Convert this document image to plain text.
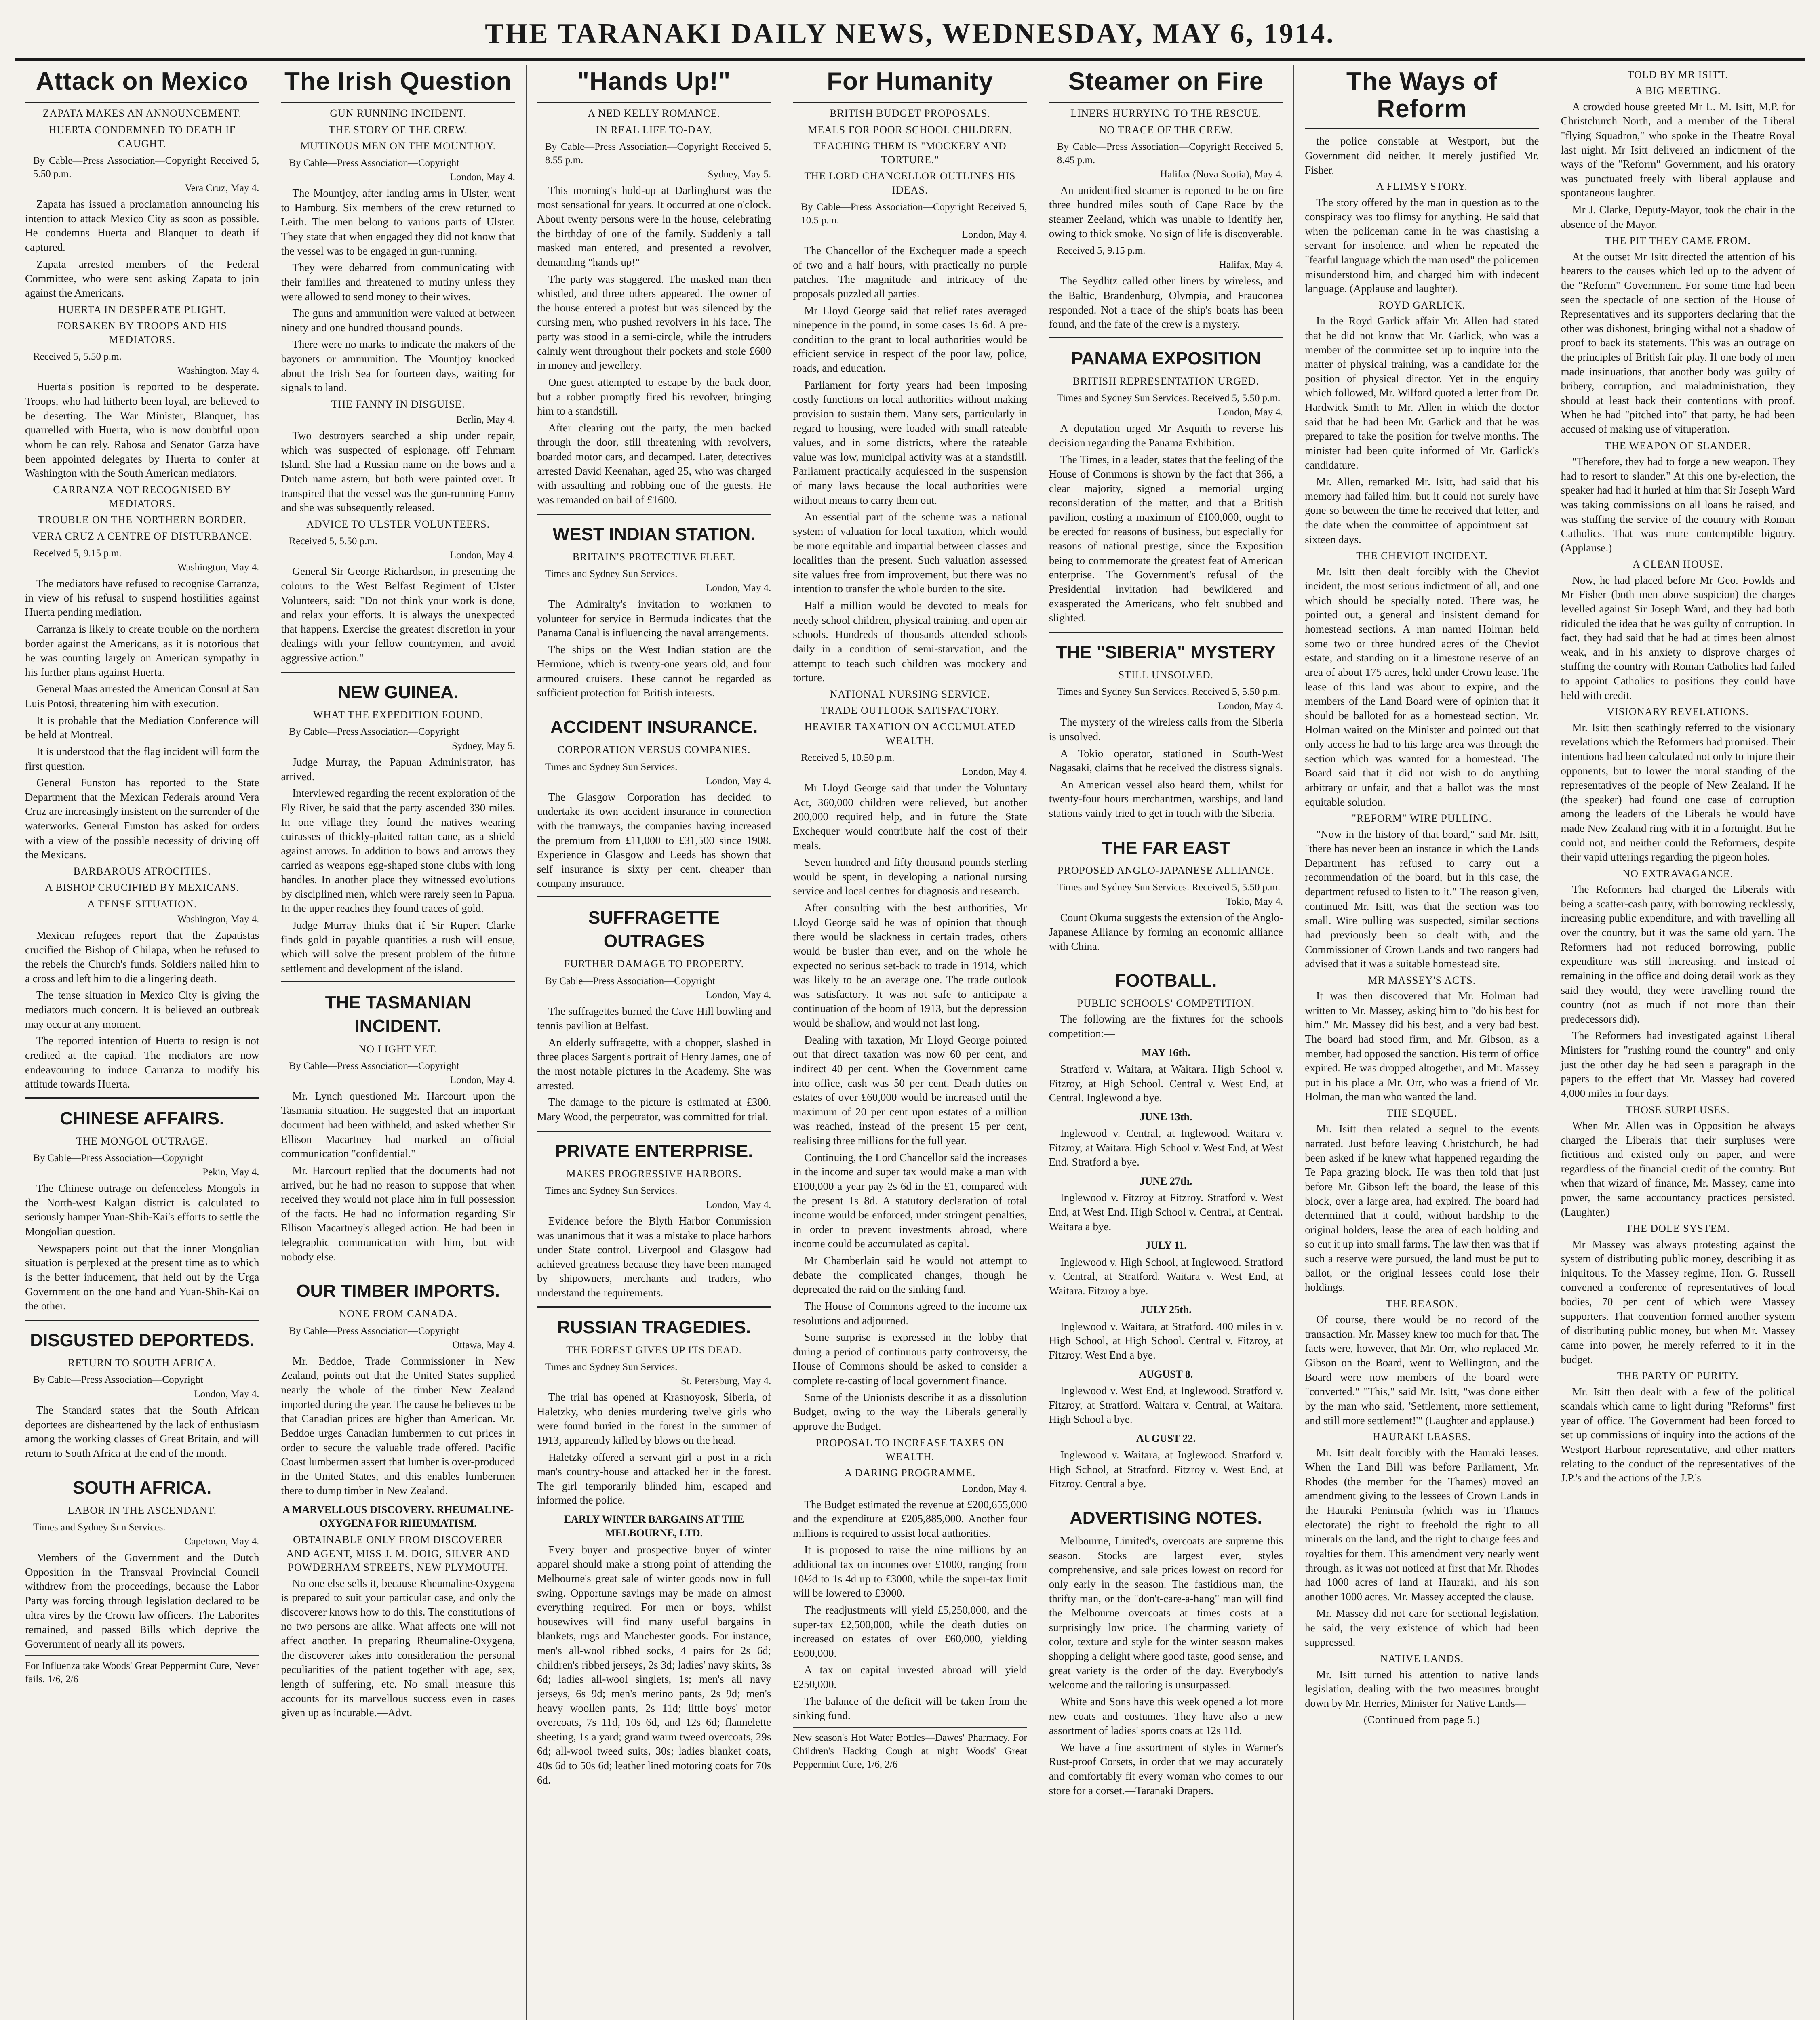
THE TARANAKI DAILY NEWS, WEDNESDAY, MAY 6, 1914.
Attack on Mexico
ZAPATA MAKES AN ANNOUNCEMENT.
HUERTA CONDEMNED TO DEATH IF CAUGHT.
By Cable—Press Association—Copyright Received 5, 5.50 p.m.
Vera Cruz, May 4.

Zapata has issued a proclamation announcing his intention to attack Mexico City as soon as possible. He condemns Huerta and Blanquet to death if captured.

Zapata arrested members of the Federal Committee, who were sent asking Zapata to join against the Americans.

HUERTA IN DESPERATE PLIGHT.
FORSAKEN BY TROOPS AND HIS MEDIATORS.
Received 5, 5.50 p.m.
Washington, May 4.

Huerta's position is reported to be desperate. Troops, who had hitherto been loyal, are believed to be deserting. The War Minister, Blanquet, has quarrelled with Huerta, who is now doubtful upon whom he can rely. Rabosa and Senator Garza have been appointed delegates by Huerta to confer at Washington with the South American mediators.

CARRANZA NOT RECOGNISED BY MEDIATORS.
TROUBLE ON THE NORTHERN BORDER.
VERA CRUZ A CENTRE OF DISTURBANCE.
Received 5, 9.15 p.m.
Washington, May 4.

The mediators have refused to recognise Carranza, in view of his refusal to suspend hostilities against Huerta pending mediation.

Carranza is likely to create trouble on the northern border against the Americans, as it is notorious that he was counting largely on American sympathy in his further plans against Huerta.

General Maas arrested the American Consul at San Luis Potosi, threatening him with execution.

It is probable that the Mediation Conference will be held at Montreal.

It is understood that the flag incident will form the first question.

General Funston has reported to the State Department that the Mexican Federals around Vera Cruz are increasingly insistent on the surrender of the waterworks. General Funston has asked for orders with a view of the possible necessity of driving off the Mexicans.

BARBAROUS ATROCITIES.
A BISHOP CRUCIFIED BY MEXICANS.
A TENSE SITUATION.
Washington, May 4.

Mexican refugees report that the Zapatistas crucified the Bishop of Chilapa, when he refused to the rebels the Church's funds. Soldiers nailed him to a cross and left him to die a lingering death.

The tense situation in Mexico City is giving the mediators much concern. It is believed an outbreak may occur at any moment.

The reported intention of Huerta to resign is not credited at the capital. The mediators are now endeavouring to induce Carranza to modify his attitude towards Huerta.

CHINESE AFFAIRS.
THE MONGOL OUTRAGE.
By Cable—Press Association—Copyright
Pekin, May 4.

The Chinese outrage on defenceless Mongols in the North-west Kalgan district is calculated to seriously hamper Yuan-Shih-Kai's efforts to settle the Mongolian question.

Newspapers point out that the inner Mongolian situation is perplexed at the present time as to which is the better inducement, that held out by the Urga Government on the one hand and Yuan-Shih-Kai on the other.

DISGUSTED DEPORTEDS.
RETURN TO SOUTH AFRICA.
By Cable—Press Association—Copyright
London, May 4.

The Standard states that the South African deportees are disheartened by the lack of enthusiasm among the working classes of Great Britain, and will return to South Africa at the end of the month.

SOUTH AFRICA.
LABOR IN THE ASCENDANT.
Times and Sydney Sun Services.
Capetown, May 4.

Members of the Government and the Dutch Opposition in the Transvaal Provincial Council withdrew from the proceedings, because the Labor Party was forcing through legislation declared to be ultra vires by the Crown law officers. The Laborites remained, and passed Bills which deprive the Government of nearly all its powers.

For Influenza take Woods' Great Peppermint Cure, Never fails. 1/6, 2/6
The Irish Question
GUN RUNNING INCIDENT.
THE STORY OF THE CREW.
MUTINOUS MEN ON THE MOUNTJOY.
By Cable—Press Association—Copyright
London, May 4.

The Mountjoy, after landing arms in Ulster, went to Hamburg. Six members of the crew returned to Leith. The men belong to various parts of Ulster. They state that when engaged they did not know that the vessel was to be engaged in gun-running.

They were debarred from communicating with their families and threatened to mutiny unless they were allowed to send money to their wives.

The guns and ammunition were valued at between ninety and one hundred thousand pounds.

There were no marks to indicate the makers of the bayonets or ammunition. The Mountjoy knocked about the Irish Sea for fourteen days, waiting for signals to land.

THE FANNY IN DISGUISE.
Berlin, May 4.

Two destroyers searched a ship under repair, which was suspected of espionage, off Fehmarn Island. She had a Russian name on the bows and a Dutch name astern, but both were painted over. It transpired that the vessel was the gun-running Fanny and she was subsequently released.

ADVICE TO ULSTER VOLUNTEERS.
Received 5, 5.50 p.m.
London, May 4.

General Sir George Richardson, in presenting the colours to the West Belfast Regiment of Ulster Volunteers, said: "Do not think your work is done, and relax your efforts. It is always the unexpected that happens. Exercise the greatest discretion in your dealings with your fellow countrymen, and avoid aggressive action."

NEW GUINEA.
WHAT THE EXPEDITION FOUND.
By Cable—Press Association—Copyright
Sydney, May 5.

Judge Murray, the Papuan Administrator, has arrived.

Interviewed regarding the recent exploration of the Fly River, he said that the party ascended 330 miles. In one village they found the natives wearing cuirasses of thickly-plaited rattan cane, as a shield against arrows. In addition to bows and arrows they carried as weapons egg-shaped stone clubs with long handles. In another place they witnessed evolutions by disciplined men, which were rarely seen in Papua. In the upper reaches they found traces of gold.

Judge Murray thinks that if Sir Rupert Clarke finds gold in payable quantities a rush will ensue, which will solve the present problem of the future settlement and development of the island.

THE TASMANIAN INCIDENT.
NO LIGHT YET.
By Cable—Press Association—Copyright
London, May 4.

Mr. Lynch questioned Mr. Harcourt upon the Tasmania situation. He suggested that an important document had been withheld, and asked whether Sir Ellison Macartney had marked an official communication "confidential."

Mr. Harcourt replied that the documents had not arrived, but he had no reason to suppose that when received they would not place him in full possession of the facts. He had no information regarding Sir Ellison Macartney's alleged action. He had been in telegraphic communication with him, but with nobody else.

OUR TIMBER IMPORTS.
NONE FROM CANADA.
By Cable—Press Association—Copyright
Ottawa, May 4.

Mr. Beddoe, Trade Commissioner in New Zealand, points out that the United States supplied nearly the whole of the timber New Zealand imported during the year. The cause he believes to be that Canadian prices are higher than American. Mr. Beddoe urges Canadian lumbermen to cut prices in order to secure the valuable trade offered. Pacific Coast lumbermen assert that lumber is over-produced in the United States, and this enables lumbermen there to dump timber in New Zealand.

A MARVELLOUS DISCOVERY. RHEUMALINE-OXYGENA FOR RHEUMATISM.
OBTAINABLE ONLY FROM DISCOVERER AND AGENT, MISS J. M. DOIG, SILVER AND POWDERHAM STREETS, NEW PLYMOUTH.

No one else sells it, because Rheumaline-Oxygena is prepared to suit your particular case, and only the discoverer knows how to do this. The constitutions of no two persons are alike. What affects one will not affect another. In preparing Rheumaline-Oxygena, the discoverer takes into consideration the personal peculiarities of the patient together with age, sex, length of suffering, etc. No small measure this accounts for its marvellous success even in cases given up as incurable.—Advt.

"Hands Up!"
A NED KELLY ROMANCE.
IN REAL LIFE TO-DAY.
By Cable—Press Association—Copyright Received 5, 8.55 p.m.
Sydney, May 5.

This morning's hold-up at Darlinghurst was the most sensational for years. It occurred at one o'clock. About twenty persons were in the house, celebrating the birthday of one of the family. Suddenly a tall masked man entered, and presented a revolver, demanding "hands up!"

The party was staggered. The masked man then whistled, and three others appeared. The owner of the house entered a protest but was silenced by the cursing men, who pushed revolvers in his face. The party was stood in a semi-circle, while the intruders calmly went throughout their pockets and stole £600 in money and jewellery.

One guest attempted to escape by the back door, but a robber promptly fired his revolver, bringing him to a standstill.

After clearing out the party, the men backed through the door, still threatening with revolvers, boarded motor cars, and decamped. Later, detectives arrested David Keenahan, aged 25, who was charged with assaulting and robbing one of the guests. He was remanded on bail of £1600.

WEST INDIAN STATION.
BRITAIN'S PROTECTIVE FLEET.
Times and Sydney Sun Services.
London, May 4.

The Admiralty's invitation to workmen to volunteer for service in Bermuda indicates that the Panama Canal is influencing the naval arrangements.

The ships on the West Indian station are the Hermione, which is twenty-one years old, and four armoured cruisers. These cannot be regarded as sufficient protection for British interests.

ACCIDENT INSURANCE.
CORPORATION VERSUS COMPANIES.
Times and Sydney Sun Services.
London, May 4.

The Glasgow Corporation has decided to undertake its own accident insurance in connection with the tramways, the companies having increased the premium from £11,000 to £31,500 since 1908. Experience in Glasgow and Leeds has shown that self insurance is sixty per cent. cheaper than company insurance.

SUFFRAGETTE OUTRAGES
FURTHER DAMAGE TO PROPERTY.
By Cable—Press Association—Copyright
London, May 4.

The suffragettes burned the Cave Hill bowling and tennis pavilion at Belfast.

An elderly suffragette, with a chopper, slashed in three places Sargent's portrait of Henry James, one of the most notable pictures in the Academy. She was arrested.

The damage to the picture is estimated at £300. Mary Wood, the perpetrator, was committed for trial.

PRIVATE ENTERPRISE.
MAKES PROGRESSIVE HARBORS.
Times and Sydney Sun Services.
London, May 4.

Evidence before the Blyth Harbor Commission was unanimous that it was a mistake to place harbors under State control. Liverpool and Glasgow had achieved greatness because they have been managed by shipowners, merchants and traders, who understand the requirements.

RUSSIAN TRAGEDIES.
THE FOREST GIVES UP ITS DEAD.
Times and Sydney Sun Services.
St. Petersburg, May 4.

The trial has opened at Krasnoyosk, Siberia, of Haletzky, who denies murdering twelve girls who were found buried in the forest in the summer of 1913, apparently killed by blows on the head.

Haletzky offered a servant girl a post in a rich man's country-house and attacked her in the forest. The girl temporarily blinded him, escaped and informed the police.

EARLY WINTER BARGAINS AT THE MELBOURNE, LTD.

Every buyer and prospective buyer of winter apparel should make a strong point of attending the Melbourne's great sale of winter goods now in full swing. Opportune savings may be made on almost everything required. For men or boys, whilst housewives will find many useful bargains in blankets, rugs and Manchester goods. For instance, men's all-wool ribbed socks, 4 pairs for 2s 6d; children's ribbed jerseys, 2s 3d; ladies' navy skirts, 3s 6d; ladies all-wool singlets, 1s; men's all navy jerseys, 6s 9d; men's merino pants, 2s 9d; men's heavy woollen pants, 2s 11d; little boys' motor overcoats, 7s 11d, 10s 6d, and 12s 6d; flannelette sheeting, 1s a yard; grand warm tweed overcoats, 29s 6d; all-wool tweed suits, 30s; ladies blanket coats, 40s 6d to 50s 6d; leather lined motoring coats for 70s 6d.

For Humanity
BRITISH BUDGET PROPOSALS.
MEALS FOR POOR SCHOOL CHILDREN.
TEACHING THEM IS "MOCKERY AND TORTURE."
THE LORD CHANCELLOR OUTLINES HIS IDEAS.
By Cable—Press Association—Copyright Received 5, 10.5 p.m.
London, May 4.

The Chancellor of the Exchequer made a speech of two and a half hours, with practically no purple patches. The magnitude and intricacy of the proposals puzzled all parties.

Mr Lloyd George said that relief rates averaged ninepence in the pound, in some cases 1s 6d. A pre-condition to the grant to local authorities would be efficient service in respect of the poor law, police, roads, and education.

Parliament for forty years had been imposing costly functions on local authorities without making provision to sustain them. Many sets, particularly in regard to housing, were loaded with small rateable values, and in some districts, where the rateable value was low, municipal activity was at a standstill. Parliament practically acquiesced in the suspension of many laws because the local authorities were without means to carry them out.

An essential part of the scheme was a national system of valuation for local taxation, which would be more equitable and impartial between classes and localities than the present. Such valuation assessed site values free from improvement, but there was no intention to transfer the whole burden to the site.

Half a million would be devoted to meals for needy school children, physical training, and open air schools. Hundreds of thousands attended schools daily in a condition of semi-starvation, and the attempt to teach such children was mockery and torture.

NATIONAL NURSING SERVICE.
TRADE OUTLOOK SATISFACTORY.
HEAVIER TAXATION ON ACCUMULATED WEALTH.
Received 5, 10.50 p.m.
London, May 4.

Mr Lloyd George said that under the Voluntary Act, 360,000 children were relieved, but another 200,000 required help, and in future the State Exchequer would contribute half the cost of their meals.

Seven hundred and fifty thousand pounds sterling would be spent, in developing a national nursing service and local centres for diagnosis and research.

After consulting with the best authorities, Mr Lloyd George said he was of opinion that though there would be slackness in certain trades, others would be busier than ever, and on the whole he expected no serious set-back to trade in 1914, which was likely to be an average one. The trade outlook was satisfactory. It was not safe to anticipate a continuation of the boom of 1913, but the depression would be shallow, and would not last long.

Dealing with taxation, Mr Lloyd George pointed out that direct taxation was now 60 per cent, and indirect 40 per cent. When the Government came into office, cash was 50 per cent. Death duties on estates of over £60,000 would be increased until the maximum of 20 per cent upon estates of a million was reached, instead of the present 15 per cent, realising three millions for the full year.

Continuing, the Lord Chancellor said the increases in the income and super tax would make a man with £100,000 a year pay 2s 6d in the £1, compared with the present 1s 8d. A statutory declaration of total income would be enforced, under stringent penalties, in order to prevent investments abroad, where income could be accumulated as capital.

Mr Chamberlain said he would not attempt to debate the complicated changes, though he deprecated the raid on the sinking fund.

The House of Commons agreed to the income tax resolutions and adjourned.

Some surprise is expressed in the lobby that during a period of continuous party controversy, the House of Commons should be asked to consider a complete re-casting of local government finance.

Some of the Unionists describe it as a dissolution Budget, owing to the way the Liberals generally approve the Budget.

PROPOSAL TO INCREASE TAXES ON WEALTH.
A DARING PROGRAMME.
London, May 4.

The Budget estimated the revenue at £200,655,000 and the expenditure at £205,885,000. Another four millions is required to assist local authorities.

It is proposed to raise the nine millions by an additional tax on incomes over £1000, ranging from 10½d to 1s 4d up to £3000, while the super-tax limit will be lowered to £3000.

The readjustments will yield £5,250,000, and the super-tax £2,500,000, while the death duties on increased on estates of over £60,000, yielding £600,000.

A tax on capital invested abroad will yield £250,000.

The balance of the deficit will be taken from the sinking fund.

New season's Hot Water Bottles—Dawes' Pharmacy. For Children's Hacking Cough at night Woods' Great Peppermint Cure, 1/6, 2/6
Steamer on Fire
LINERS HURRYING TO THE RESCUE.
NO TRACE OF THE CREW.
By Cable—Press Association—Copyright Received 5, 8.45 p.m.
Halifax (Nova Scotia), May 4.

An unidentified steamer is reported to be on fire three hundred miles south of Cape Race by the steamer Zeeland, which was unable to identify her, owing to thick smoke. No sign of life is discoverable.

Received 5, 9.15 p.m.
Halifax, May 4.

The Seydlitz called other liners by wireless, and the Baltic, Brandenburg, Olympia, and Frauconea responded. Not a trace of the ship's boats has been found, and the fate of the crew is a mystery.

PANAMA EXPOSITION
BRITISH REPRESENTATION URGED.
Times and Sydney Sun Services. Received 5, 5.50 p.m.
London, May 4.

A deputation urged Mr Asquith to reverse his decision regarding the Panama Exhibition.

The Times, in a leader, states that the feeling of the House of Commons is shown by the fact that 366, a clear majority, signed a memorial urging reconsideration of the matter, and that a British pavilion, costing a maximum of £100,000, ought to be erected for reasons of business, but especially for reasons of national prestige, since the Exposition being to commemorate the greatest feat of American enterprise. The Government's refusal of the Presidential invitation had bewildered and exasperated the Americans, who felt snubbed and slighted.

THE "SIBERIA" MYSTERY
STILL UNSOLVED.
Times and Sydney Sun Services. Received 5, 5.50 p.m.
London, May 4.

The mystery of the wireless calls from the Siberia is unsolved.

A Tokio operator, stationed in South-West Nagasaki, claims that he received the distress signals.

An American vessel also heard them, whilst for twenty-four hours merchantmen, warships, and land stations vainly tried to get in touch with the Siberia.

THE FAR EAST
PROPOSED ANGLO-JAPANESE ALLIANCE.
Times and Sydney Sun Services. Received 5, 5.50 p.m.
Tokio, May 4.

Count Okuma suggests the extension of the Anglo-Japanese Alliance by forming an economic alliance with China.

FOOTBALL.
PUBLIC SCHOOLS' COMPETITION.

The following are the fixtures for the schools competition:—

MAY 16th.

Stratford v. Waitara, at Waitara. High School v. Fitzroy, at High School. Central v. West End, at Central. Inglewood a bye.

JUNE 13th.

Inglewood v. Central, at Inglewood. Waitara v. Fitzroy, at Waitara. High School v. West End, at West End. Stratford a bye.

JUNE 27th.

Inglewood v. Fitzroy at Fitzroy. Stratford v. West End, at West End. High School v. Central, at Central. Waitara a bye.

JULY 11.

Inglewood v. High School, at Inglewood. Stratford v. Central, at Stratford. Waitara v. West End, at Waitara. Fitzroy a bye.

JULY 25th.

Inglewood v. Waitara, at Stratford. 400 miles in v. High School, at High School. Central v. Fitzroy, at Fitzroy. West End a bye.

AUGUST 8.

Inglewood v. West End, at Inglewood. Stratford v. Fitzroy, at Stratford. Waitara v. Central, at Waitara. High School a bye.

AUGUST 22.

Inglewood v. Waitara, at Inglewood. Stratford v. High School, at Stratford. Fitzroy v. West End, at Fitzroy. Central a bye.

ADVERTISING NOTES.

Melbourne, Limited's, overcoats are supreme this season. Stocks are largest ever, styles comprehensive, and sale prices lowest on record for only early in the season. The fastidious man, the thrifty man, or the "don't-care-a-hang" man will find the Melbourne overcoats at times costs at a surprisingly low price. The charming variety of color, texture and style for the winter season makes shopping a delight where good taste, good sense, and great variety is the order of the day. Everybody's welcome and the tailoring is unsurpassed.

White and Sons have this week opened a lot more new coats and costumes. They have also a new assortment of ladies' sports coats at 12s 11d.

We have a fine assortment of styles in Warner's Rust-proof Corsets, in order that we may accurately and comfortably fit every woman who comes to our store for a corset.—Taranaki Drapers.

The Ways of Reform

the police constable at Westport, but the Government did neither. It merely justified Mr. Fisher.

A FLIMSY STORY.

The story offered by the man in question as to the conspiracy was too flimsy for anything. He said that when the policeman came in he was chastising a servant for insolence, and when he repeated the "fearful language which the man used" the policemen misunderstood him, and charged him with indecent language. (Applause and laughter).

ROYD GARLICK.

In the Royd Garlick affair Mr. Allen had stated that he did not know that Mr. Garlick, who was a member of the committee set up to inquire into the matter of physical training, was a candidate for the position of physical director. Yet in the enquiry which followed, Mr. Wilford quoted a letter from Dr. Hardwick Smith to Mr. Allen in which the doctor said that he had been Mr. Garlick and that he was prepared to take the position for twelve months. The minister had been quite informed of Mr. Garlick's candidature.

Mr. Allen, remarked Mr. Isitt, had said that his memory had failed him, but it could not surely have gone so between the time he received that letter, and the date when the committee of appointment sat—sixteen days.

THE CHEVIOT INCIDENT.

Mr. Isitt then dealt forcibly with the Cheviot incident, the most serious indictment of all, and one which should be specially noted. There was, he pointed out, a general and insistent demand for homestead sections. A man named Holman held some two or three hundred acres of the Cheviot estate, and standing on it a limestone reserve of an area of about 175 acres, held under Crown lease. The lease of this land was about to expire, and the members of the Land Board were of opinion that it should be balloted for as a homestead section. Mr. Holman waited on the Minister and pointed out that only access he had to his large area was through the section which was wanted for a homestead. The Board said that it did not wish to do anything arbitrary or unfair, and that a ballot was the most equitable solution.

"REFORM" WIRE PULLING.

"Now in the history of that board," said Mr. Isitt, "there has never been an instance in which the Lands Department has refused to carry out a recommendation of the board, but in this case, the department refused to listen to it." The reason given, continued Mr. Isitt, was that the section was too small. Wire pulling was suspected, similar sections had previously been so dealt with, and the Commissioner of Crown Lands and two rangers had advised that it was a suitable homestead site.

MR MASSEY'S ACTS.

It was then discovered that Mr. Holman had written to Mr. Massey, asking him to "do his best for him." Mr. Massey did his best, and a very bad best. The board had stood firm, and Mr. Gibson, as a member, had opposed the sanction. His term of office expired. He was dropped altogether, and Mr. Massey put in his place a Mr. Orr, who was a friend of Mr. Holman, the man who wanted the land.

THE SEQUEL.

Mr. Isitt then related a sequel to the events narrated. Just before leaving Christchurch, he had been asked if he knew what happened regarding the Te Papa grazing block. He was then told that just before Mr. Gibson left the board, the lease of this block, over a large area, had expired. The board had determined that it could, without hardship to the original holders, lease the area of each holding and so cut it up into small farms. The law then was that if such a reserve were pursued, the land must be put to ballot, or the original lessees could lose their holdings.

THE REASON.

Of course, there would be no record of the transaction. Mr. Massey knew too much for that. The facts were, however, that Mr. Orr, who replaced Mr. Gibson on the Board, went to Wellington, and the Board were now members of the board were "converted." "This," said Mr. Isitt, "was done either by the man who said, 'Settlement, more settlement, and still more settlement!'" (Laughter and applause.)

HAURAKI LEASES.

Mr. Isitt dealt forcibly with the Hauraki leases. When the Land Bill was before Parliament, Mr. Rhodes (the member for the Thames) moved an amendment giving to the lessees of Crown Lands in the Hauraki Peninsula (which was in Thames electorate) the right to freehold the right to all minerals on the land, and the right to charge fees and royalties for them. This amendment very nearly went through, as it was not noticed at first that Mr. Rhodes had 1000 acres of land at Hauraki, and his son another 1000 acres. Mr. Massey accepted the clause.

Mr. Massey did not care for sectional legislation, he said, the very existence of which had been suppressed.

NATIVE LANDS.

Mr. Isitt turned his attention to native lands legislation, dealing with the two measures brought down by Mr. Herries, Minister for Native Lands—

(Continued from page 5.)
TOLD BY MR ISITT.
A BIG MEETING.

A crowded house greeted Mr L. M. Isitt, M.P. for Christchurch North, and a member of the Liberal "flying Squadron," who spoke in the Theatre Royal last night. Mr Isitt delivered an indictment of the ways of the "Reform" Government, and his oratory was punctuated freely with liberal applause and spontaneous laughter.

Mr J. Clarke, Deputy-Mayor, took the chair in the absence of the Mayor.

THE PIT THEY CAME FROM.

At the outset Mr Isitt directed the attention of his hearers to the causes which led up to the advent of the "Reform" Government. For some time had been seen the spectacle of one section of the House of Representatives and its supporters declaring that the other was dishonest, bringing withal not a shadow of proof to back its statements. This was an outrage on the principles of British fair play. If one body of men made insinuations, that another body was guilty of bribery, corruption, and maladministration, they should at least back their contentions with proof. When he had "pitched into" that party, he had been accused of making use of vituperation.

THE WEAPON OF SLANDER.

"Therefore, they had to forge a new weapon. They had to resort to slander." At this one by-election, the speaker had had it hurled at him that Sir Joseph Ward was taking commissions on all loans he raised, and was stuffing the service of the country with Roman Catholics. That was more contemptible bigotry. (Applause.)

A CLEAN HOUSE.

Now, he had placed before Mr Geo. Fowlds and Mr Fisher (both men above suspicion) the charges levelled against Sir Joseph Ward, and they had both ridiculed the idea that he was guilty of corruption. In fact, they had said that he had at times been almost weak, and in his anxiety to disprove charges of stuffing the country with Roman Catholics had failed to appoint Catholics to positions they could have held with credit.

VISIONARY REVELATIONS.

Mr. Isitt then scathingly referred to the visionary revelations which the Reformers had promised. Their intentions had been calculated not only to injure their opponents, but to lower the moral standing of the representatives of the people of New Zealand. If he (the speaker) had found one case of corruption among the leaders of the Liberals he would have made New Zealand ring with it in a fortnight. But he could not, and neither could the Reformers, despite their vapid utterings regarding the pigeon holes.

NO EXTRAVAGANCE.

The Reformers had charged the Liberals with being a scatter-cash party, with borrowing recklessly, increasing public expenditure, and with travelling all over the country, but it was the same old yarn. The Reformers had not reduced borrowing, public expenditure was still increasing, and instead of remaining in the office and doing detail work as they said they would, they were travelling round the country (not as much if not more than their predecessors did).

The Reformers had investigated against Liberal Ministers for "rushing round the country" and only just the other day he had seen a paragraph in the papers to the effect that Mr. Massey had covered 4,000 miles in four days.

THOSE SURPLUSES.

When Mr. Allen was in Opposition he always charged the Liberals that their surpluses were fictitious and existed only on paper, and were regardless of the financial credit of the country. But when that wizard of finance, Mr. Massey, came into power, the same accountancy practices persisted. (Laughter.)

THE DOLE SYSTEM.

Mr Massey was always protesting against the system of distributing public money, describing it as iniquitous. To the Massey regime, Hon. G. Russell convened a conference of representatives of local bodies, 70 per cent of which were Massey supporters. That convention formed another system of distributing public money, but when Mr. Massey came into power, he merely referred to it in the budget.

THE PARTY OF PURITY.

Mr. Isitt then dealt with a few of the political scandals which came to light during "Reforms" first year of office. The Government had been forced to set up commissions of inquiry into the actions of the Westport Harbour representative, and other matters relating to the conduct of the representatives of the J.P.'s and the actions of the J.P.'s
